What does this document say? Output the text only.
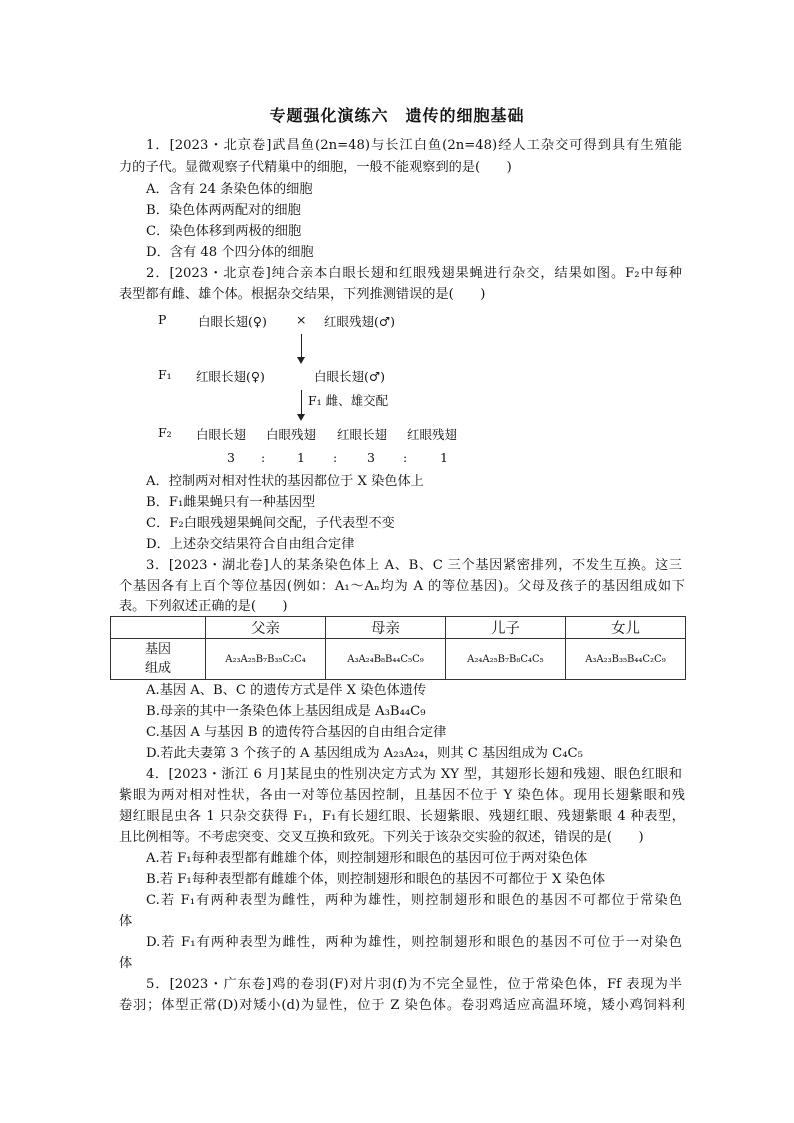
专题强化演练六　遗传的细胞基础
1．[2023・北京卷]武昌鱼(2n=48)与长江白鱼(2n=48)经人工杂交可得到具有生殖能
力的子代。显微观察子代精巢中的细胞，一般不能观察到的是(　　)
A．含有 24 条染色体的细胞
B．染色体两两配对的细胞
C．染色体移到两极的细胞
D．含有 48 个四分体的细胞
2．[2023・北京卷]纯合亲本白眼长翅和红眼残翅果蝇进行杂交，结果如图。F₂中每种
表型都有雌、雄个体。根据杂交结果，下列推测错误的是(　　)
P	白眼长翅(♀) × 红眼残翅(♂)
F₁ 红眼长翅(♀)	白眼长翅(♂)
F₁ 雌、雄交配
F₂ 白眼长翅 白眼残翅 红眼长翅 红眼残翅
3 :	1 : 3 :	1
A．控制两对相对性状的基因都位于 X 染色体上
B．F₁雌果蝇只有一种基因型
C．F₂白眼残翅果蝇间交配，子代表型不变
D．上述杂交结果符合自由组合定律
3．[2023・湖北卷]人的某条染色体上 A、B、C 三个基因紧密排列，不发生互换。这三
个基因各有上百个等位基因(例如：A₁～Aₙ均为 A 的等位基因)。父母及孩子的基因组成如下
表。下列叙述正确的是(　　)
	父亲	母亲	儿子	女儿

基因
组成	A₂₃A₂₅B₇B₃₅C₂C₄	A₃A₂₄B₈B₄₄C₅C₉	A₂₄A₂₅B₇B₈C₄C₅	A₃A₂₃B₃₅B₄₄C₂C₉
A.基因 A、B、C 的遗传方式是伴 X 染色体遗传
B.母亲的其中一条染色体上基因组成是 A₃B₄₄C₉
C.基因 A 与基因 B 的遗传符合基因的自由组合定律
D.若此夫妻第 3 个孩子的 A 基因组成为 A₂₃A₂₄，则其 C 基因组成为 C₄C₅
4．[2023・浙江 6 月]某昆虫的性别决定方式为 XY 型，其翅形长翅和残翅、眼色红眼和
紫眼为两对相对性状，各由一对等位基因控制，且基因不位于 Y 染色体。现用长翅紫眼和残
翅红眼昆虫各 1 只杂交获得 F₁，F₁有长翅红眼、长翅紫眼、残翅红眼、残翅紫眼 4 种表型，
且比例相等。不考虑突变、交叉互换和致死。下列关于该杂交实验的叙述，错误的是(　　)
A.若 F₁每种表型都有雌雄个体，则控制翅形和眼色的基因可位于两对染色体
B.若 F₁每种表型都有雌雄个体，则控制翅形和眼色的基因不可都位于 X 染色体
C.若 F₁有两种表型为雌性，两种为雄性，则控制翅形和眼色的基因不可都位于常染色
体
D.若 F₁有两种表型为雌性，两种为雄性，则控制翅形和眼色的基因不可位于一对染色
体
5．[2023・广东卷]鸡的卷羽(F)对片羽(f)为不完全显性，位于常染色体，Ff 表现为半
卷羽；体型正常(D)对矮小(d)为显性，位于 Z 染色体。卷羽鸡适应高温环境，矮小鸡饲料利
